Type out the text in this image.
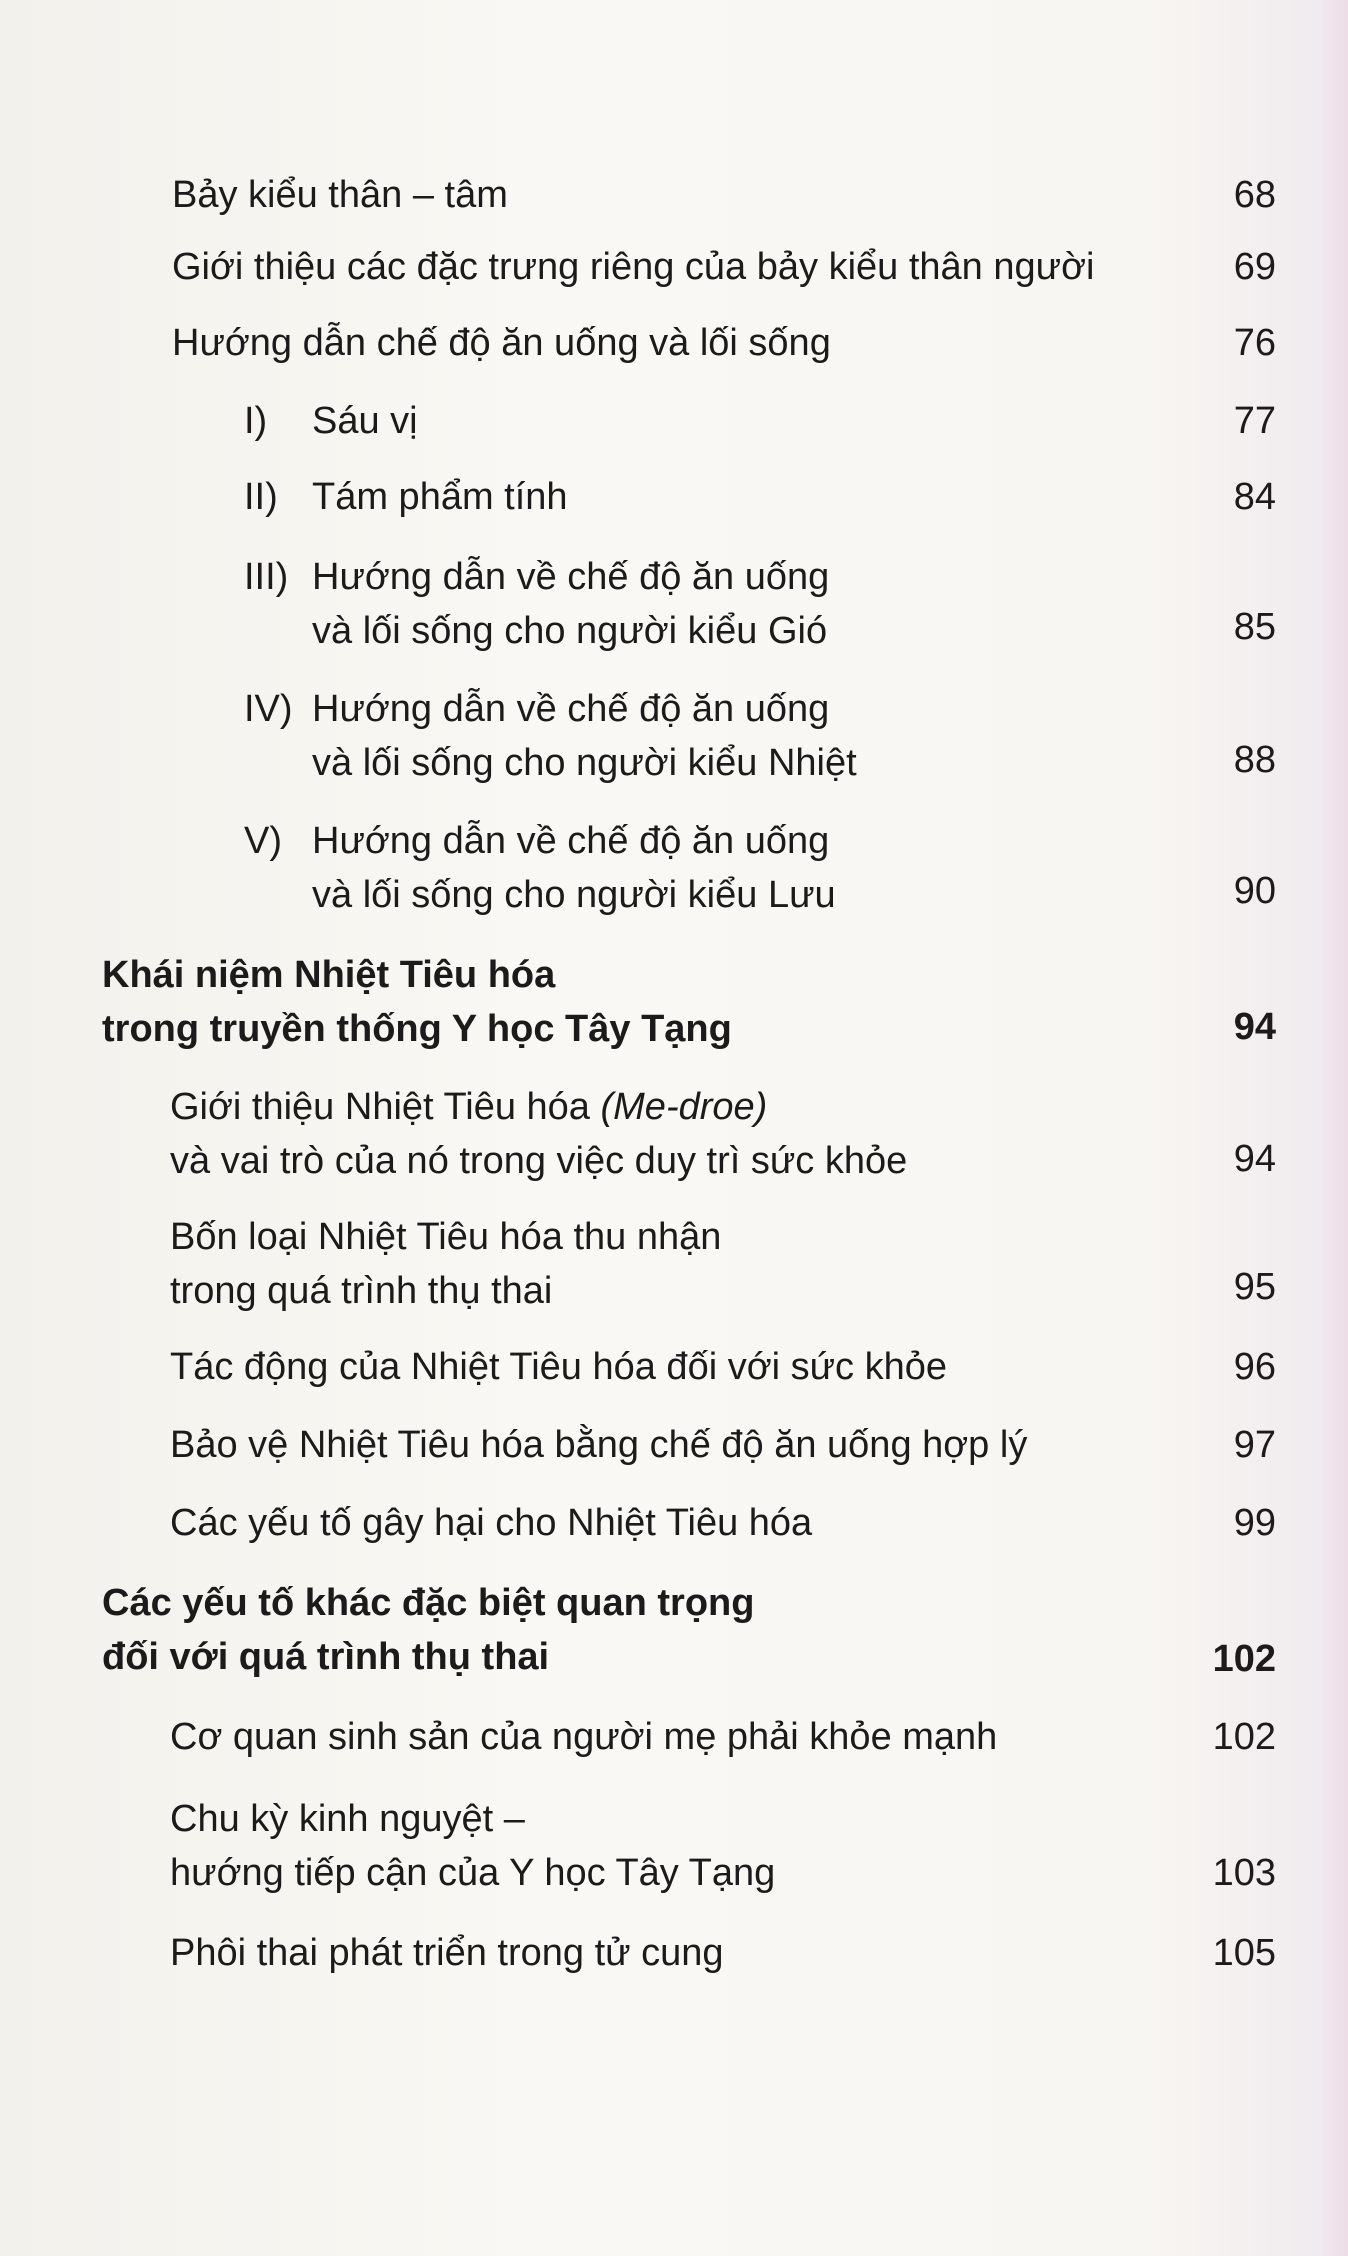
Bảy kiểu thân – tâm	68
Giới thiệu các đặc trưng riêng của bảy kiểu thân người	69
Hướng dẫn chế độ ăn uống và lối sống	76
I) Sáu vị	77
II) Tám phẩm tính	84
III) Hướng dẫn về chế độ ăn uống
và lối sống cho người kiểu Gió	85
IV) Hướng dẫn về chế độ ăn uống
và lối sống cho người kiểu Nhiệt	88
V) Hướng dẫn về chế độ ăn uống
và lối sống cho người kiểu Lưu	90
Khái niệm Nhiệt Tiêu hóa
trong truyền thống Y học Tây Tạng	94
Giới thiệu Nhiệt Tiêu hóa (Me-droe)
và vai trò của nó trong việc duy trì sức khỏe	94
Bốn loại Nhiệt Tiêu hóa thu nhận
trong quá trình thụ thai	95
Tác động của Nhiệt Tiêu hóa đối với sức khỏe	96
Bảo vệ Nhiệt Tiêu hóa bằng chế độ ăn uống hợp lý	97
Các yếu tố gây hại cho Nhiệt Tiêu hóa	99
Các yếu tố khác đặc biệt quan trọng
đối với quá trình thụ thai	102
Cơ quan sinh sản của người mẹ phải khỏe mạnh	102
Chu kỳ kinh nguyệt –
hướng tiếp cận của Y học Tây Tạng	103
Phôi thai phát triển trong tử cung	105
